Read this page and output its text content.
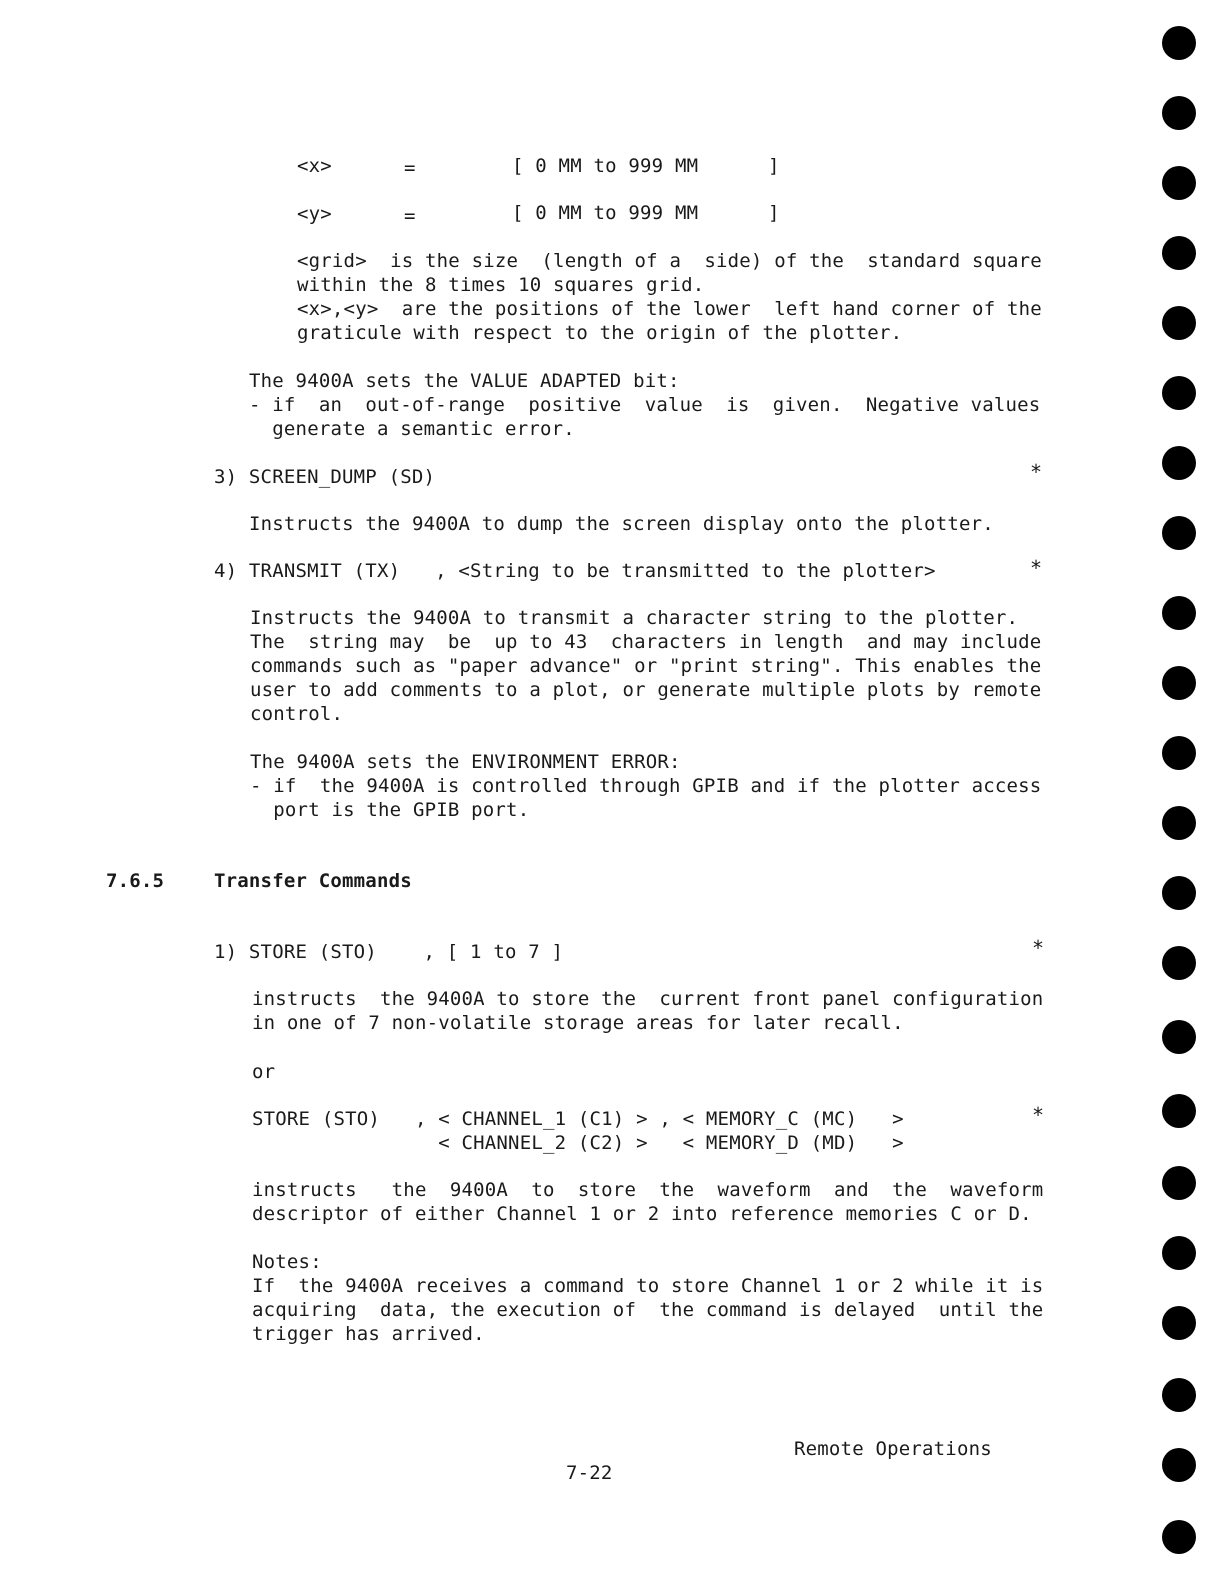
<x>	=	[ 0 MM to 999 MM      ]
<y>	=	[ 0 MM to 999 MM      ]
<grid>  is the size  (length of a  side) of the  standard square
within the 8 times 10 squares grid.
<x>,<y>  are the positions of the lower  left hand corner of the
graticule with respect to the origin of the plotter.
The 9400A sets the VALUE ADAPTED bit:
- if  an  out-of-range  positive  value  is  given.  Negative values
generate a semantic error.
3) SCREEN_DUMP (SD)	*
Instructs the 9400A to dump the screen display onto the plotter.
4) TRANSMIT (TX)   , <String to be transmitted to the plotter>	*
Instructs the 9400A to transmit a character string to the plotter.
The  string may  be  up to 43  characters in length  and may include
commands such as "paper advance" or "print string". This enables the
user to add comments to a plot, or generate multiple plots by remote
control.
The 9400A sets the ENVIRONMENT ERROR:
- if  the 9400A is controlled through GPIB and if the plotter access
port is the GPIB port.
7.6.5	Transfer Commands
1) STORE (STO)    , [ 1 to 7 ]	*
instructs  the 9400A to store the  current front panel configuration
in one of 7 non-volatile storage areas for later recall.
or
STORE (STO)   , < CHANNEL_1 (C1) > , < MEMORY_C (MC)   >	*
< CHANNEL_2 (C2) >   < MEMORY_D (MD)   >
instructs   the  9400A  to  store  the  waveform  and  the  waveform
descriptor of either Channel 1 or 2 into reference memories C or D.
Notes:
If  the 9400A receives a command to store Channel 1 or 2 while it is
acquiring  data, the execution of  the command is delayed  until the
trigger has arrived.
Remote Operations
7-22
